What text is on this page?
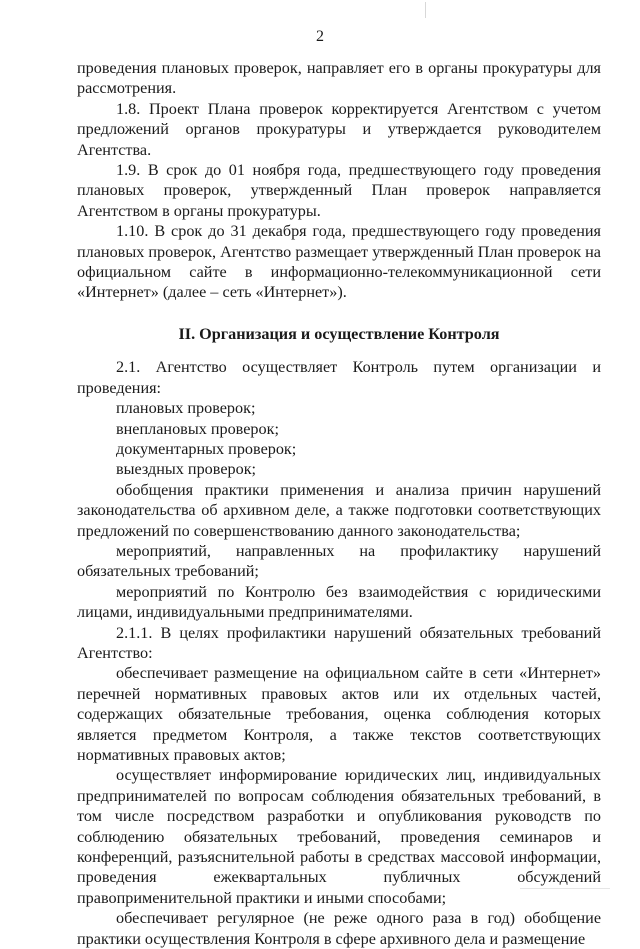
2

проведения плановых проверок, направляет его в органы прокуратуры для рассмотрения.

1.8. Проект Плана проверок корректируется Агентством с учетом предложений органов прокуратуры и утверждается руководителем Агентства.

1.9. В срок до 01 ноября года, предшествующего году проведения плановых проверок, утвержденный План проверок направляется Агентством в органы прокуратуры.

1.10. В срок до 31 декабря года, предшествующего году проведения плановых проверок, Агентство размещает утвержденный План проверок на официальном сайте в информационно-телекоммуникационной сети «Интернет» (далее – сеть «Интернет»).

II. Организация и осуществление Контроля

2.1. Агентство осуществляет Контроль путем организации и проведения:

плановых проверок;

внеплановых проверок;

документарных проверок;

выездных проверок;

обобщения практики применения и анализа причин нарушений законодательства об архивном деле, а также подготовки соответствующих предложений по совершенствованию данного законодательства;

мероприятий, направленных на профилактику нарушений обязательных требований;

мероприятий по Контролю без взаимодействия с юридическими лицами, индивидуальными предпринимателями.

2.1.1. В целях профилактики нарушений обязательных требований Агентство:

обеспечивает размещение на официальном сайте в сети «Интернет» перечней нормативных правовых актов или их отдельных частей, содержащих обязательные требования, оценка соблюдения которых является предметом Контроля, а также текстов соответствующих нормативных правовых актов;

осуществляет информирование юридических лиц, индивидуальных предпринимателей по вопросам соблюдения обязательных требований, в том числе посредством разработки и опубликования руководств по соблюдению обязательных требований, проведения семинаров и конференций, разъяснительной работы в средствах массовой информации, проведения ежеквартальных публичных обсуждений правоприменительной практики и иными способами;

обеспечивает регулярное (не реже одного раза в год) обобщение практики осуществления Контроля в сфере архивного дела и размещение
